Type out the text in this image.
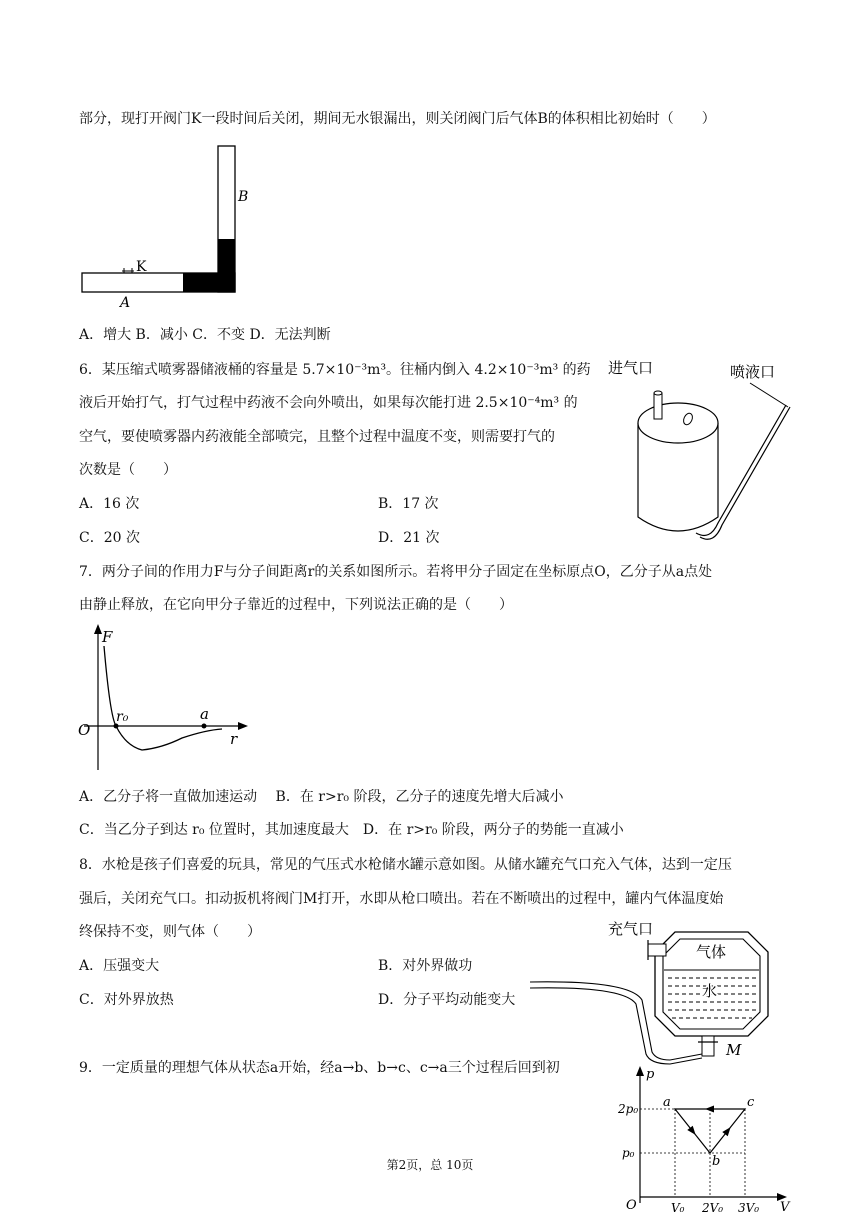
部分，现打开阀门K一段时间后关闭，期间无水银漏出，则关闭阀门后气体B的体积相比初始时（　　）
B
K
A
A．增大 B．减小 C．不变 D．无法判断
6．某压缩式喷雾器储液桶的容量是 5.7×10⁻³m³。往桶内倒入 4.2×10⁻³m³ 的药
液后开始打气，打气过程中药液不会向外喷出，如果每次能打进 2.5×10⁻⁴m³ 的
空气，要使喷雾器内药液能全部喷完，且整个过程中温度不变，则需要打气的
次数是（　　）
A．16 次	B．17 次
C．20 次	D．21 次
进气口	喷液口
7．两分子间的作用力F与分子间距离r的关系如图所示。若将甲分子固定在坐标原点O，乙分子从a点处
由静止释放，在它向甲分子靠近的过程中，下列说法正确的是（　　）
F
O
r₀	a
r
A．乙分子将一直做加速运动　 B．在 r>r₀ 阶段，乙分子的速度先增大后减小
C．当乙分子到达 r₀ 位置时，其加速度最大　D．在 r>r₀ 阶段，两分子的势能一直减小
8．水枪是孩子们喜爱的玩具，常见的气压式水枪储水罐示意如图。从储水罐充气口充入气体，达到一定压
强后，关闭充气口。扣动扳机将阀门M打开，水即从枪口喷出。若在不断喷出的过程中，罐内气体温度始
终保持不变，则气体（　　）
A．压强变大	B．对外界做功
C．对外界放热	D．分子平均动能变大
充气口
气体
水
M
9．一定质量的理想气体从状态a开始，经a→b、b→c、c→a三个过程后回到初	p
V
O
2p₀
p₀
V₀ 2V₀ 3V₀
a
b
c
第2页，总 10页
